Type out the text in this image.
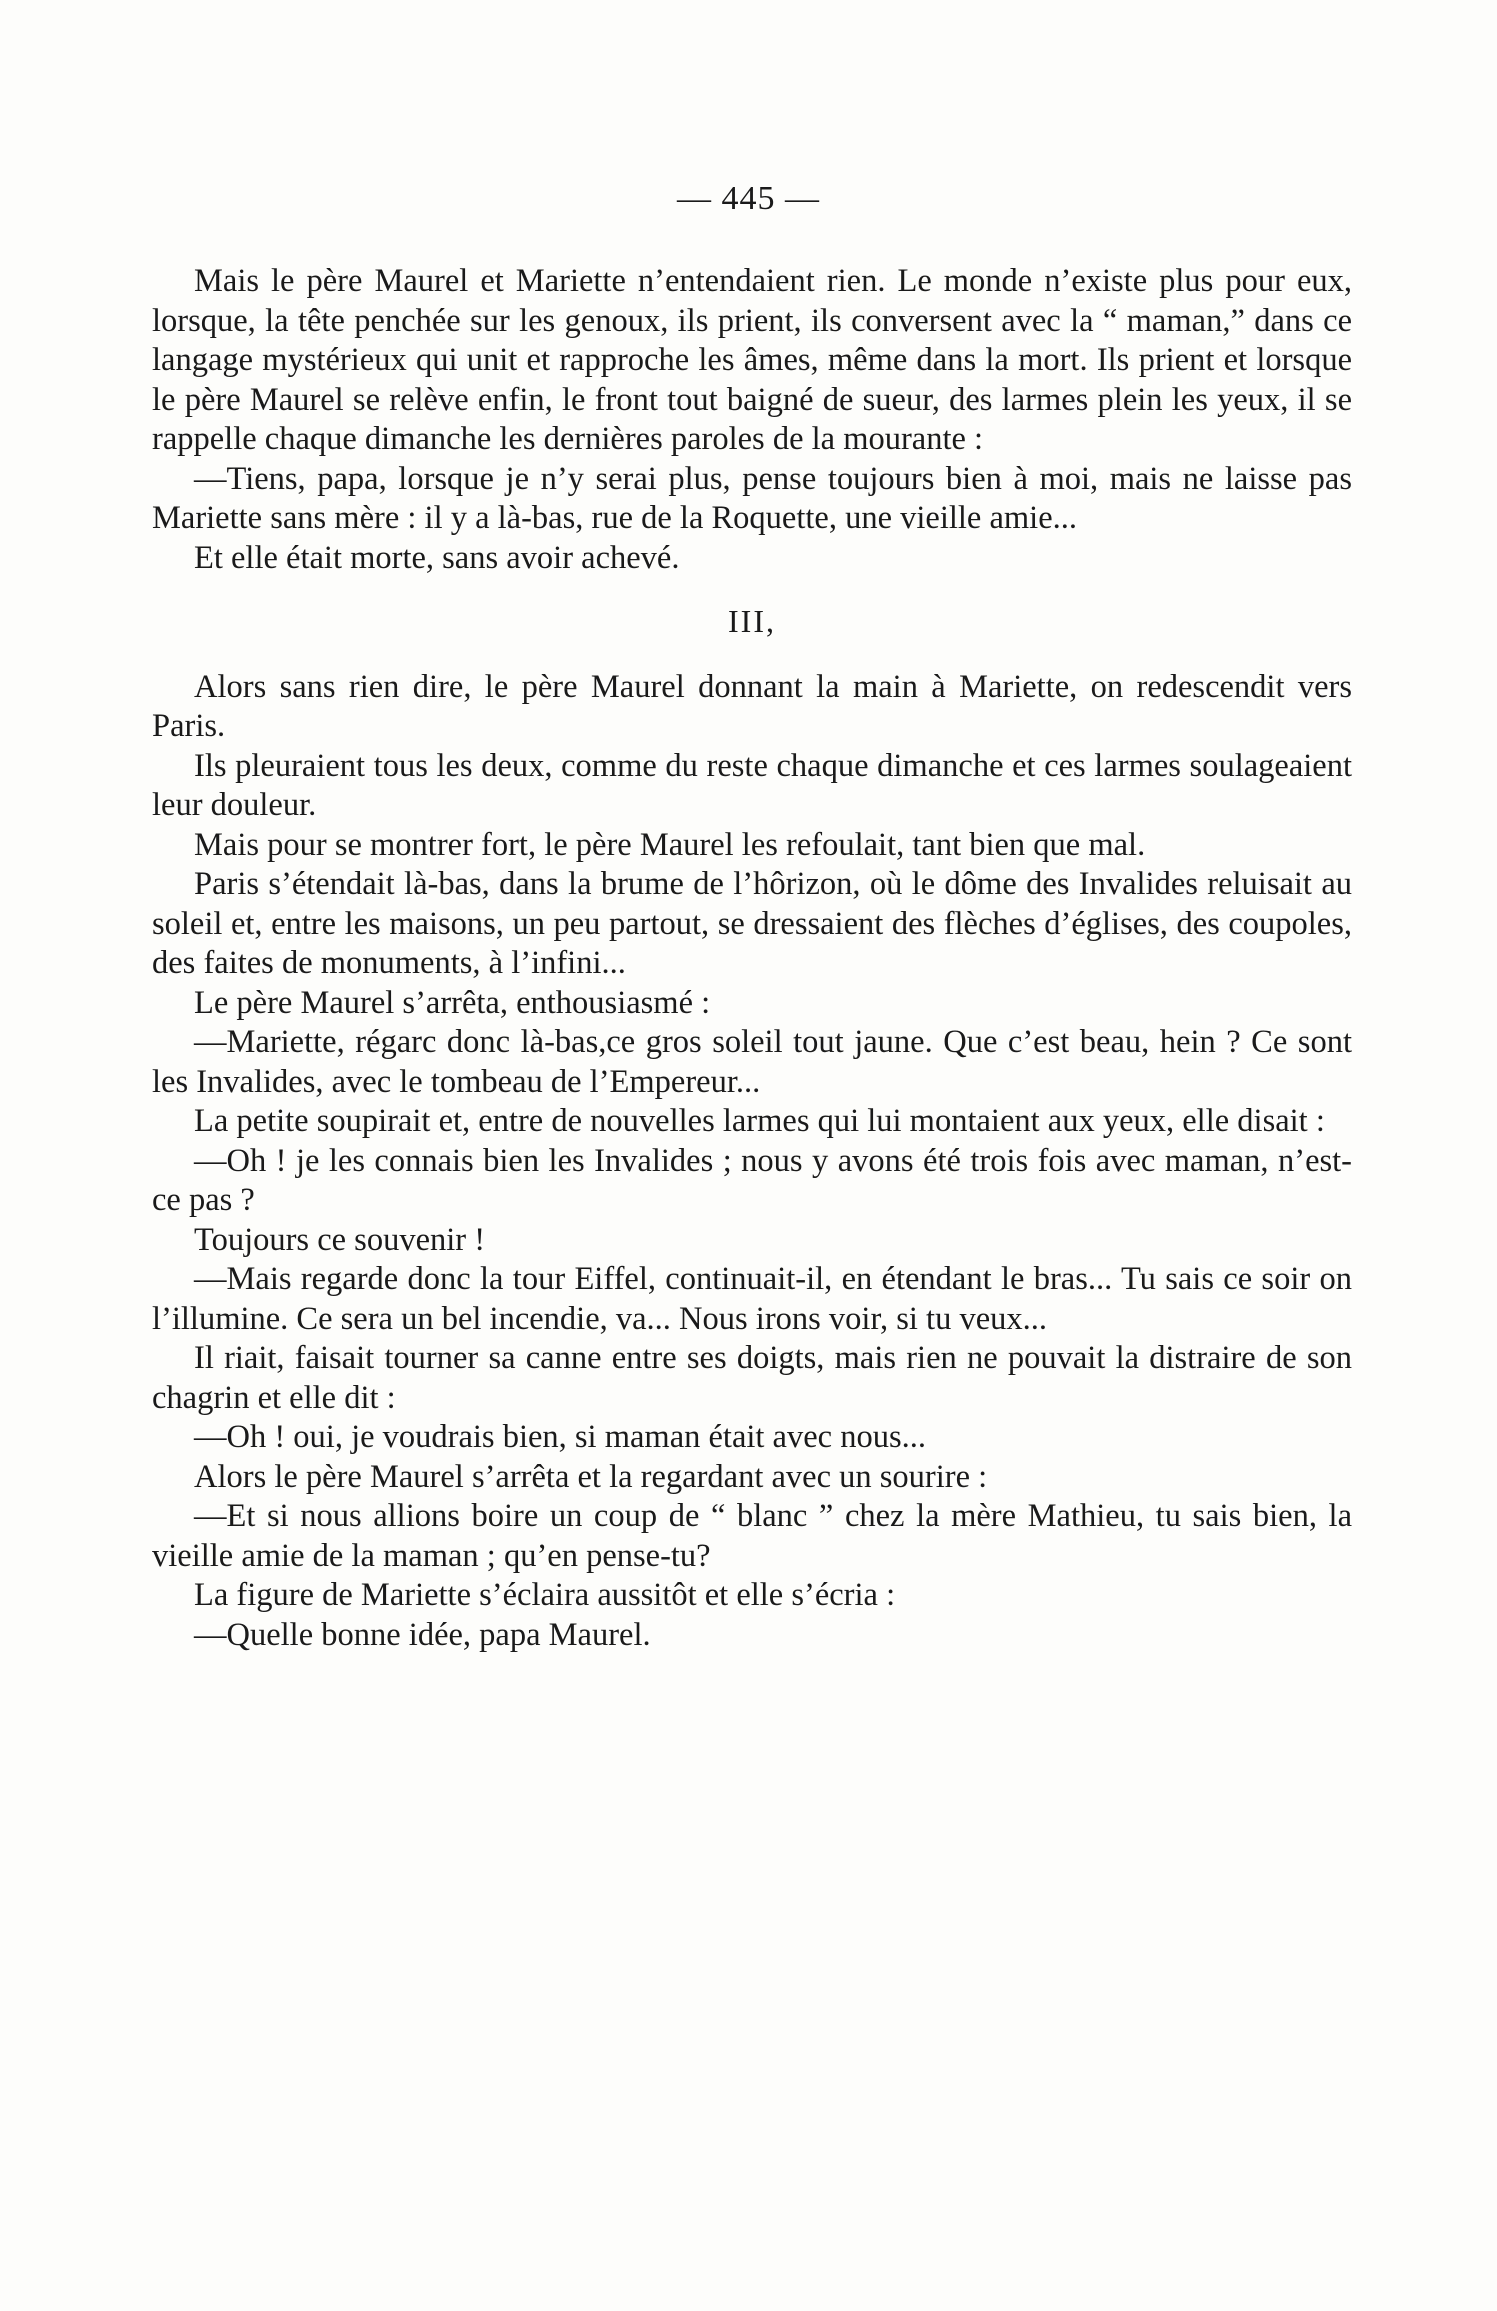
— 445 —

Mais le père Maurel et Mariette n’entendaient rien. Le monde n’existe plus pour eux, lorsque, la tête penchée sur les genoux, ils prient, ils conversent avec la “ maman,” dans ce langage mystérieux qui unit et rapproche les âmes, même dans la mort. Ils prient et lorsque le père Maurel se relève enfin, le front tout baigné de sueur, des larmes plein les yeux, il se rappelle chaque dimanche les dernières paroles de la mourante :

—Tiens, papa, lorsque je n’y serai plus, pense toujours bien à moi, mais ne laisse pas Mariette sans mère : il y a là-bas, rue de la Roquette, une vieille amie...

Et elle était morte, sans avoir achevé.

III,

Alors sans rien dire, le père Maurel donnant la main à Mariette, on redescendit vers Paris.

Ils pleuraient tous les deux, comme du reste chaque dimanche et ces larmes soulageaient leur douleur.

Mais pour se montrer fort, le père Maurel les refoulait, tant bien que mal.

Paris s’étendait là-bas, dans la brume de l’hôrizon, où le dôme des Invalides reluisait au soleil et, entre les maisons, un peu partout, se dressaient des flèches d’églises, des coupoles, des faites de monuments, à l’infini...

Le père Maurel s’arrêta, enthousiasmé :

—Mariette, régarc donc là-bas,ce gros soleil tout jaune. Que c’est beau, hein ? Ce sont les Invalides, avec le tombeau de l’Empereur...

La petite soupirait et, entre de nouvelles larmes qui lui montaient aux yeux, elle disait :

—Oh ! je les connais bien les Invalides ; nous y avons été trois fois avec maman, n’est-ce pas ?

Toujours ce souvenir !

—Mais regarde donc la tour Eiffel, continuait-il, en étendant le bras... Tu sais ce soir on l’illumine. Ce sera un bel incendie, va... Nous irons voir, si tu veux...

Il riait, faisait tourner sa canne entre ses doigts, mais rien ne pouvait la distraire de son chagrin et elle dit :

—Oh ! oui, je voudrais bien, si maman était avec nous...

Alors le père Maurel s’arrêta et la regardant avec un sourire :

—Et si nous allions boire un coup de “ blanc ” chez la mère Mathieu, tu sais bien, la vieille amie de la maman ; qu’en pense-tu?

La figure de Mariette s’éclaira aussitôt et elle s’écria :

—Quelle bonne idée, papa Maurel.
